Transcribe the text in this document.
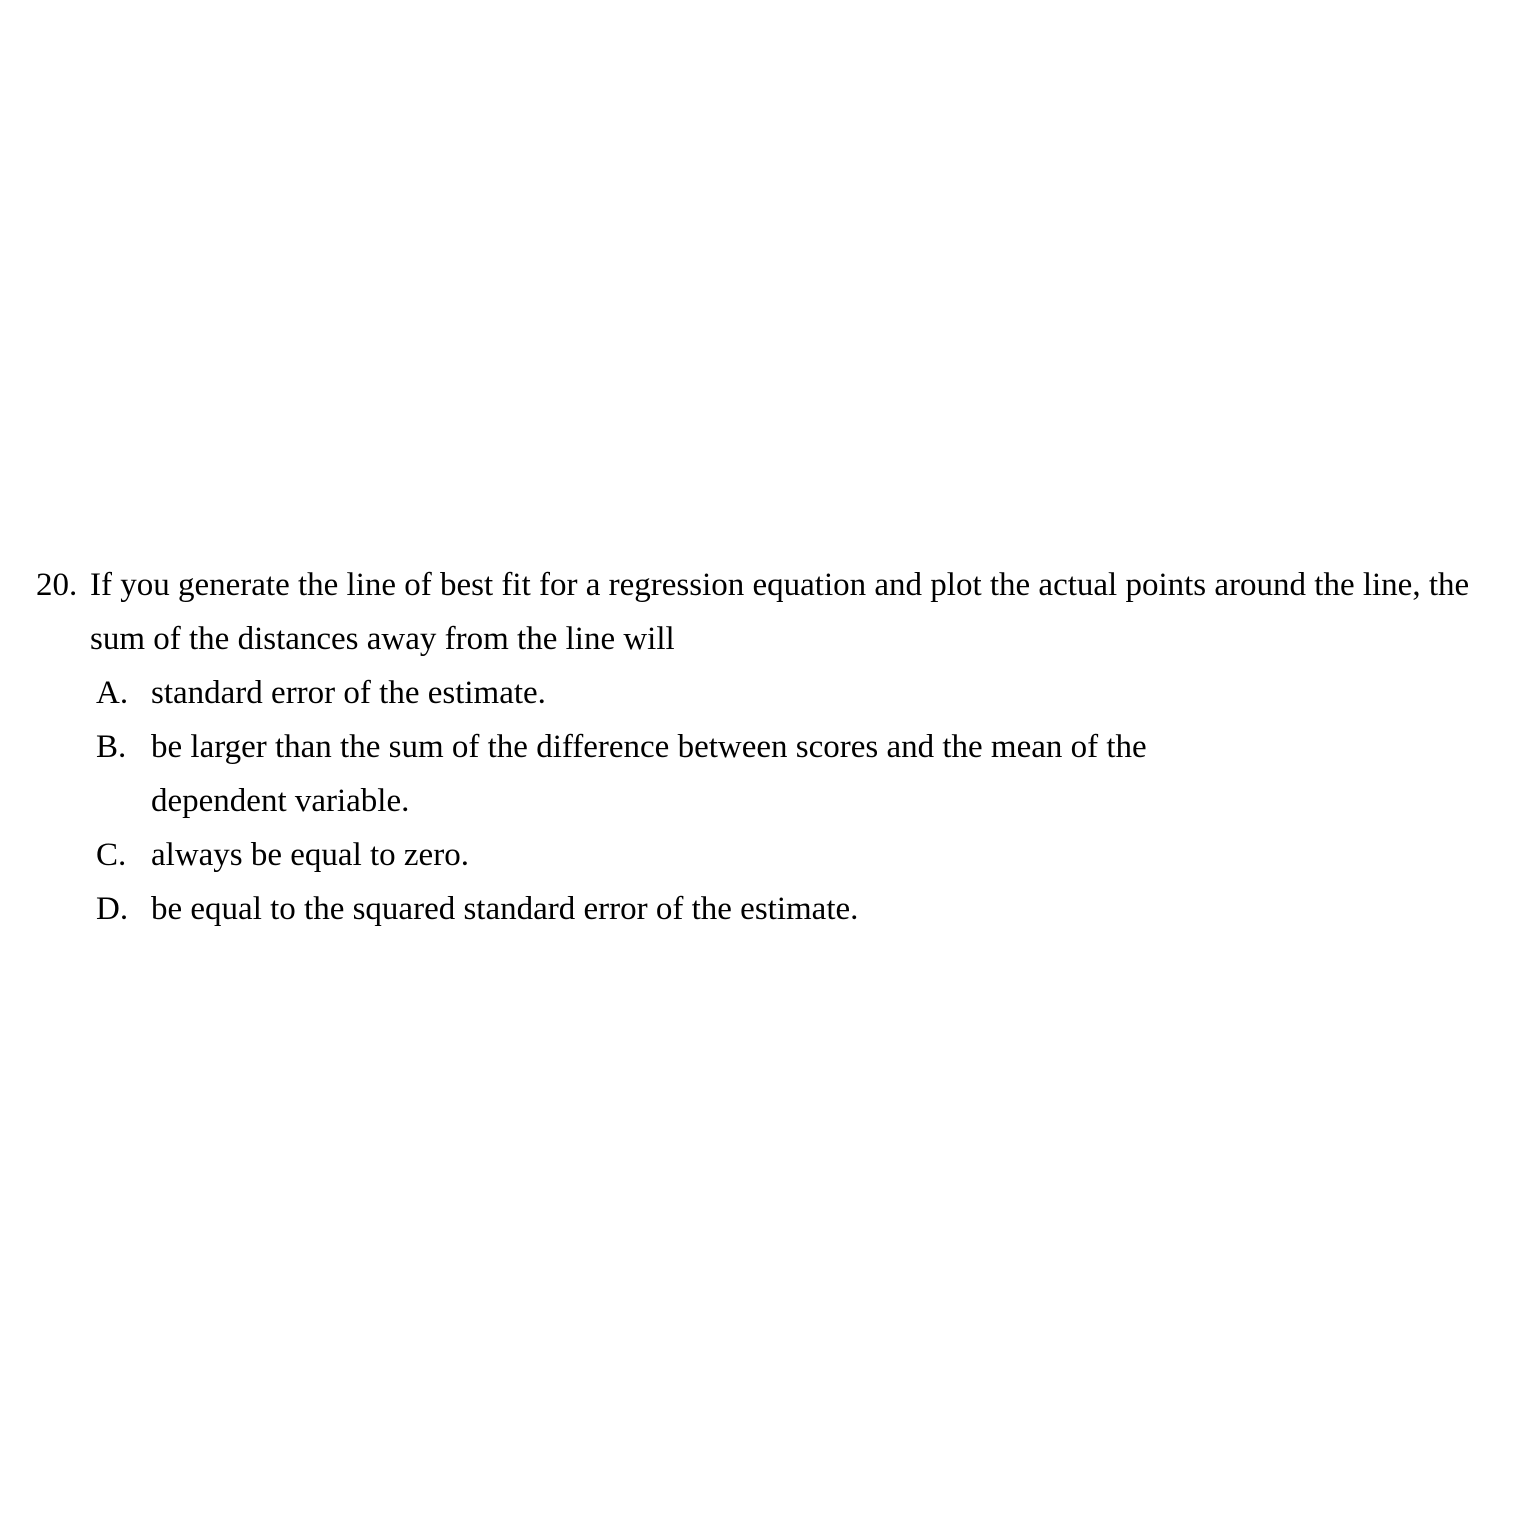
20. If you generate the line of best fit for a regression equation and plot the actual points around the line, the sum of the distances away from the line will
A. standard error of the estimate.
B. be larger than the sum of the difference between scores and the mean of the dependent variable.
C. always be equal to zero.
D. be equal to the squared standard error of the estimate.
